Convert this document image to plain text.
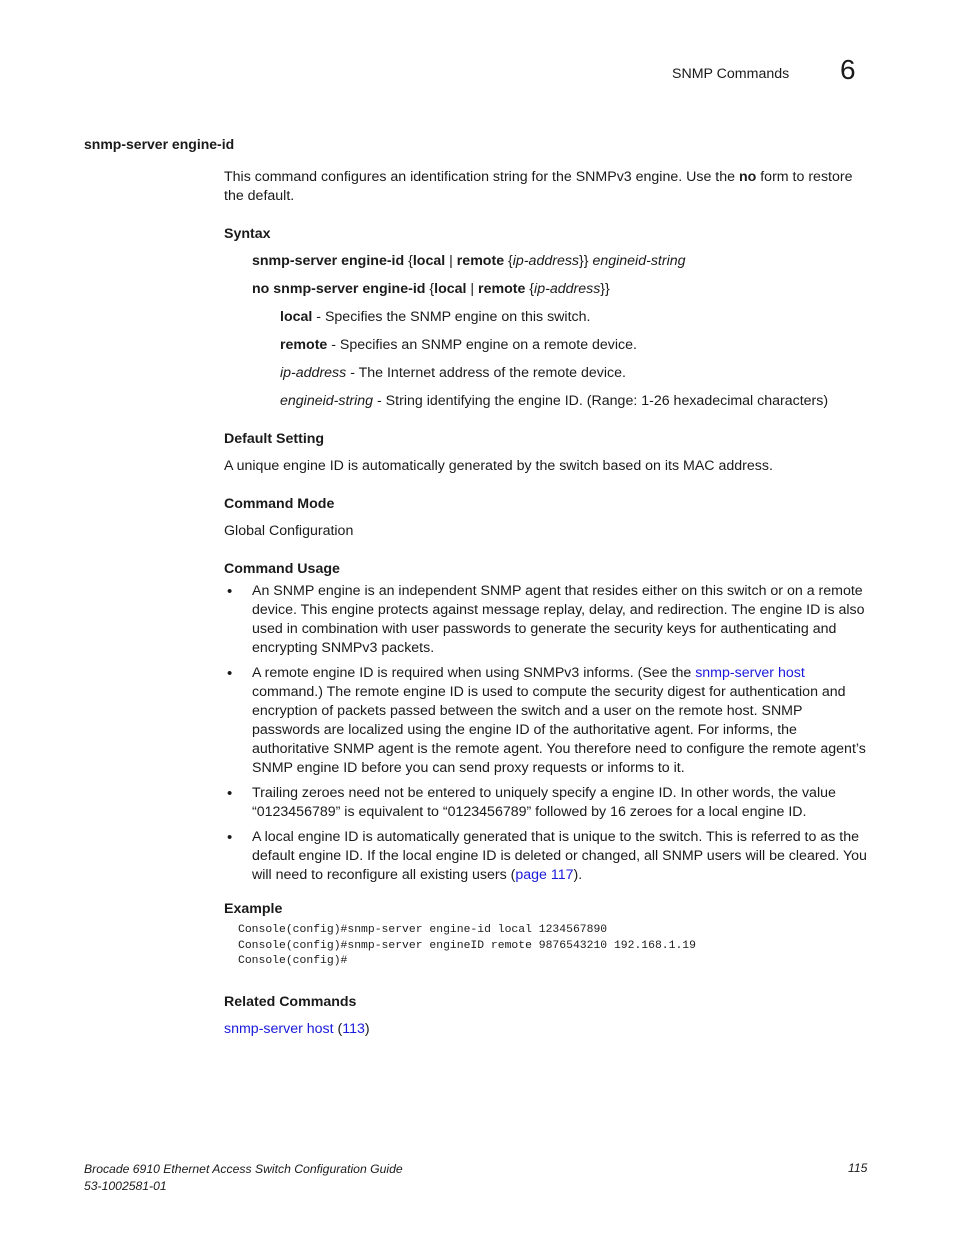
SNMP Commands 6
snmp-server engine-id

This command configures an identification string for the SNMPv3 engine. Use the no form to restore the default.

Syntax

snmp-server engine-id {local | remote {ip-address}} engineid-string

no snmp-server engine-id {local | remote {ip-address}}

local - Specifies the SNMP engine on this switch.

remote - Specifies an SNMP engine on a remote device.

ip-address - The Internet address of the remote device.

engineid-string - String identifying the engine ID. (Range: 1-26 hexadecimal characters)

Default Setting

A unique engine ID is automatically generated by the switch based on its MAC address.

Command Mode

Global Configuration

Command Usage

• An SNMP engine is an independent SNMP agent that resides either on this switch or on a remote device. This engine protects against message replay, delay, and redirection. The engine ID is also used in combination with user passwords to generate the security keys for authenticating and encrypting SNMPv3 packets.
• A remote engine ID is required when using SNMPv3 informs. (See the snmp-server host command.) The remote engine ID is used to compute the security digest for authentication and encryption of packets passed between the switch and a user on the remote host. SNMP passwords are localized using the engine ID of the authoritative agent. For informs, the authoritative SNMP agent is the remote agent. You therefore need to configure the remote agent’s SNMP engine ID before you can send proxy requests or informs to it.
• Trailing zeroes need not be entered to uniquely specify a engine ID. In other words, the value “0123456789” is equivalent to “0123456789” followed by 16 zeroes for a local engine ID.
• A local engine ID is automatically generated that is unique to the switch. This is referred to as the default engine ID. If the local engine ID is deleted or changed, all SNMP users will be cleared. You will need to reconfigure all existing users (page 117).

Example

Console(config)#snmp-server engine-id local 1234567890
Console(config)#snmp-server engineID remote 9876543210 192.168.1.19
Console(config)#

Related Commands

snmp-server host (113)

Brocade 6910 Ethernet Access Switch Configuration Guide
53-1002581-01
115
